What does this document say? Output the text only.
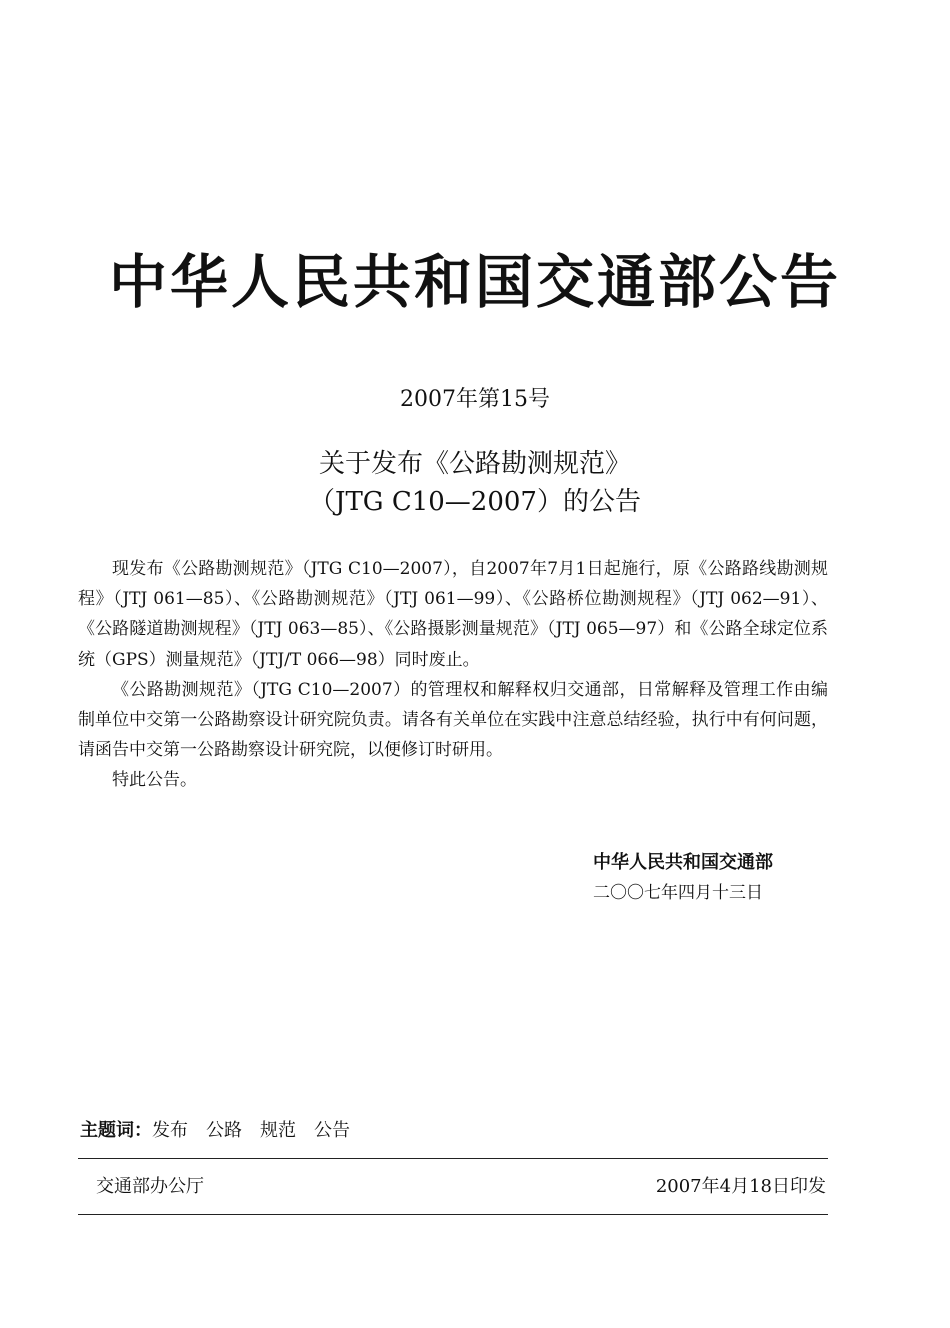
中华人民共和国交通部公告
2007年第15号
关于发布《公路勘测规范》
（JTG C10—2007）的公告

现发布《公路勘测规范》（JTG C10—2007），自2007年7月1日起施行，原《公路路线勘测规程》（JTJ 061—85）、《公路勘测规范》（JTJ 061—99）、《公路桥位勘测规程》（JTJ 062—91）、《公路隧道勘测规程》（JTJ 063—85）、《公路摄影测量规范》（JTJ 065—97）和《公路全球定位系统（GPS）测量规范》（JTJ/T 066—98）同时废止。

《公路勘测规范》（JTG C10—2007）的管理权和解释权归交通部，日常解释及管理工作由编制单位中交第一公路勘察设计研究院负责。请各有关单位在实践中注意总结经验，执行中有何问题，请函告中交第一公路勘察设计研究院，以便修订时研用。

特此公告。

中华人民共和国交通部
二〇〇七年四月十三日
主题词：发布 公路 规范 公告
交通部办公厅	2007年4月18日印发
